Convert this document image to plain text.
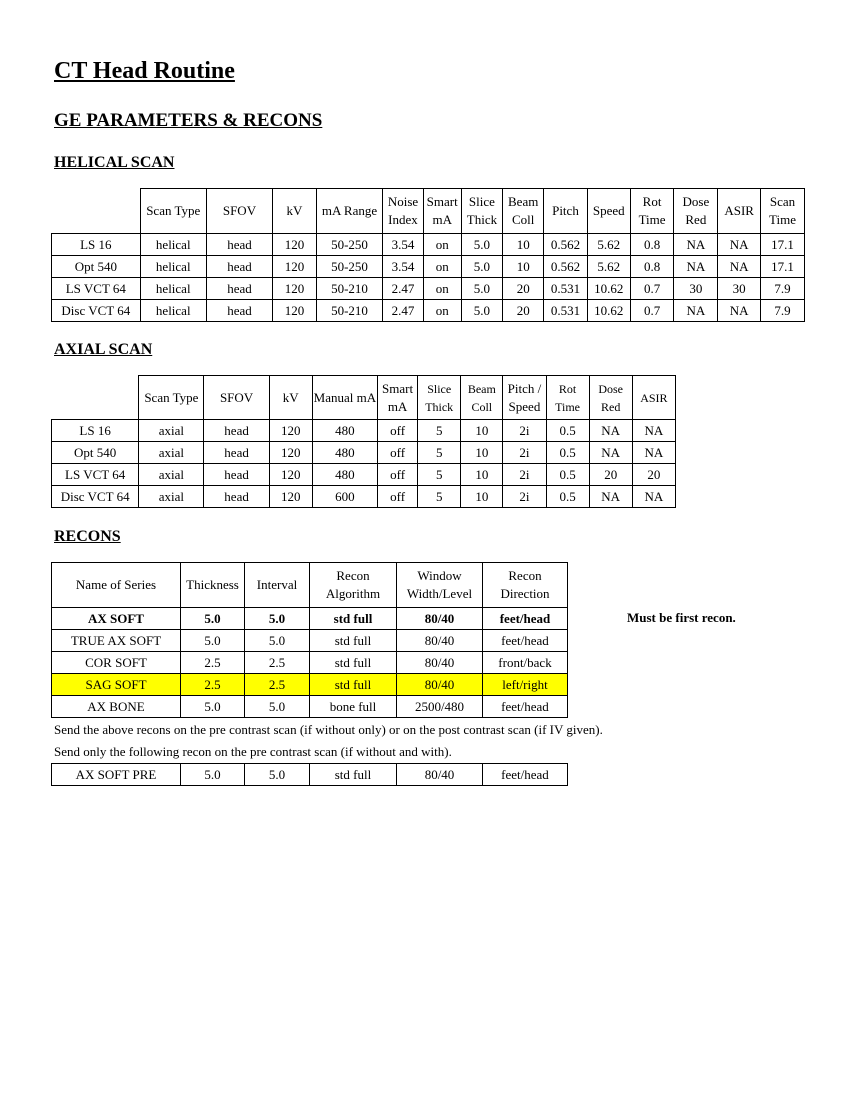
CT Head Routine
GE PARAMETERS & RECONS
HELICAL SCAN
	Scan Type	SFOV	kV	mA Range	Noise Index	Smart mA	Slice Thick	Beam Coll	Pitch	Speed	Rot Time	Dose Red	ASIR	Scan Time
LS 16	helical	head	120	50-250	3.54	on	5.0	10	0.562	5.62	0.8	NA	NA	17.1
Opt 540	helical	head	120	50-250	3.54	on	5.0	10	0.562	5.62	0.8	NA	NA	17.1
LS VCT 64	helical	head	120	50-210	2.47	on	5.0	20	0.531	10.62	0.7	30	30	7.9
Disc VCT 64	helical	head	120	50-210	2.47	on	5.0	20	0.531	10.62	0.7	NA	NA	7.9
AXIAL SCAN
	Scan Type	SFOV	kV	Manual mA	Smart mA	Slice Thick	Beam Coll	Pitch / Speed	Rot Time	Dose Red	ASIR
LS 16	axial	head	120	480	off	5	10	2i	0.5	NA	NA
Opt 540	axial	head	120	480	off	5	10	2i	0.5	NA	NA
LS VCT 64	axial	head	120	480	off	5	10	2i	0.5	20	20
Disc VCT 64	axial	head	120	600	off	5	10	2i	0.5	NA	NA
RECONS
Name of Series	Thickness	Interval	Recon Algorithm	Window Width/Level	Recon Direction
AX SOFT	5.0	5.0	std full	80/40	feet/head
TRUE AX SOFT	5.0	5.0	std full	80/40	feet/head
COR SOFT	2.5	2.5	std full	80/40	front/back
SAG SOFT	2.5	2.5	std full	80/40	left/right
AX BONE	5.0	5.0	bone full	2500/480	feet/head
Must be first recon.
Send the above recons on the pre contrast scan (if without only) or on the post contrast scan (if IV given).
Send only the following recon on the pre contrast scan (if without and with).
AX SOFT PRE	5.0	5.0	std full	80/40	feet/head
